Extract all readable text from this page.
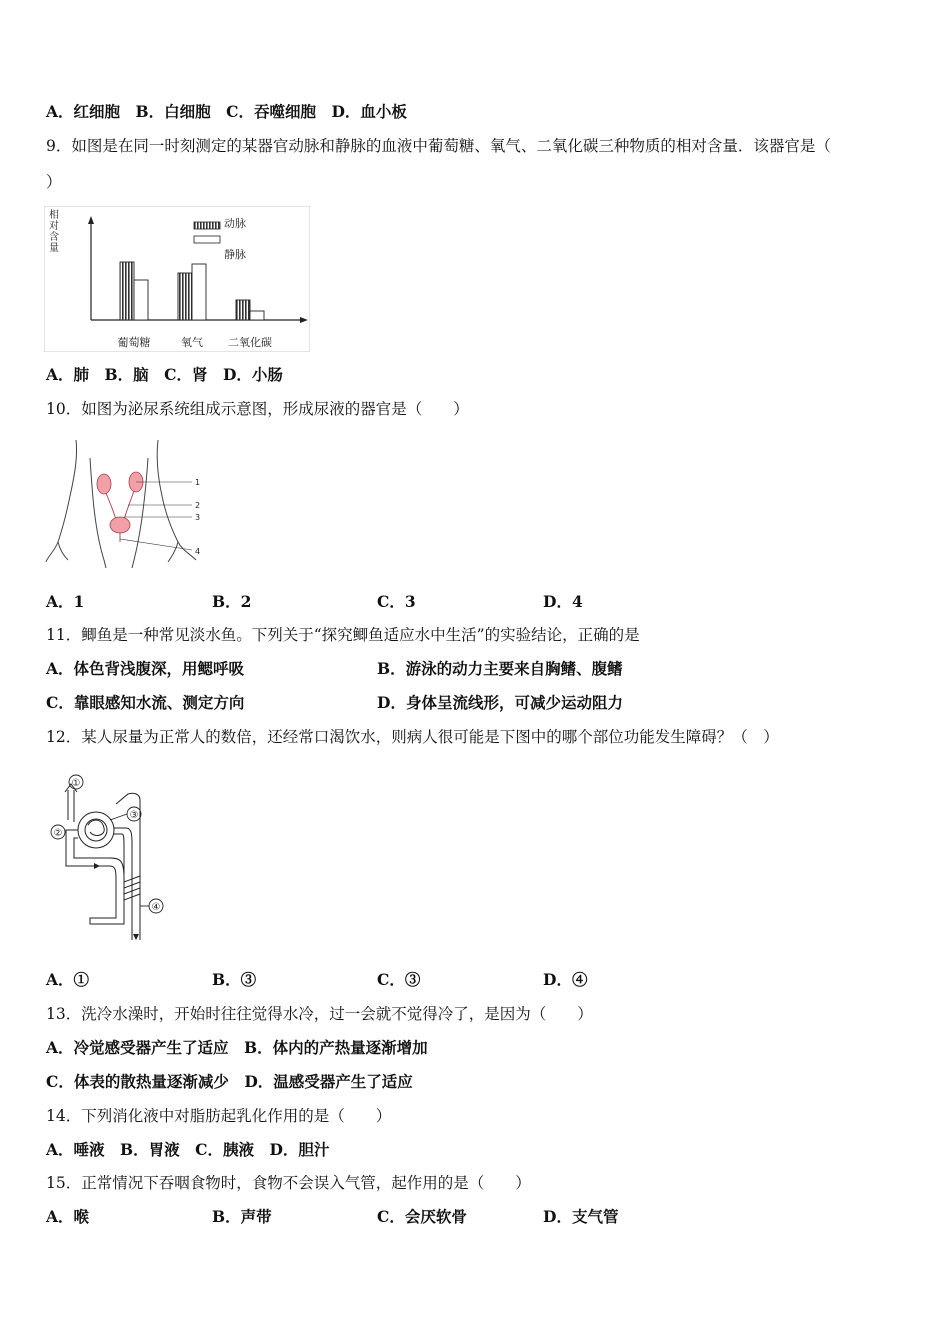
A．红细胞　B．白细胞　C．吞噬细胞　D．血小板
9．如图是在同一时刻测定的某器官动脉和静脉的血液中葡萄糖、氧气、二氧化碳三种物质的相对含量．该器官是（
）
相
对
含
量
葡萄糖	氧气 二氧化碳
动脉
静脉
A．肺　B．脑　C．肾　D．小肠
10．如图为泌尿系统组成示意图，形成尿液的器官是（　　）
1
2
3
4
A．1	B．2	C．3	D．4
11．鲫鱼是一种常见淡水鱼。下列关于“探究鲫鱼适应水中生活”的实验结论，正确的是
A．体色背浅腹深，用鳃呼吸	B．游泳的动力主要来自胸鳍、腹鳍
C．靠眼感知水流、测定方向	D．身体呈流线形，可减少运动阻力
12．某人尿量为正常人的数倍，还经常口渴饮水，则病人很可能是下图中的哪个部位功能发生障碍？（　）
①
②
③
④
A．①	B．③	C．③	D．④
13．洗冷水澡时，开始时往往觉得水冷，过一会就不觉得冷了，是因为（　　）
A．冷觉感受器产生了适应　B．体内的产热量逐渐增加
C．体表的散热量逐渐减少　D．温感受器产生了适应
14．下列消化液中对脂肪起乳化作用的是（　　）
A．唾液　B．胃液　C．胰液　D．胆汁
15．正常情况下吞咽食物时，食物不会误入气管，起作用的是（　　）
A．喉	B．声带	C．会厌软骨	D．支气管
